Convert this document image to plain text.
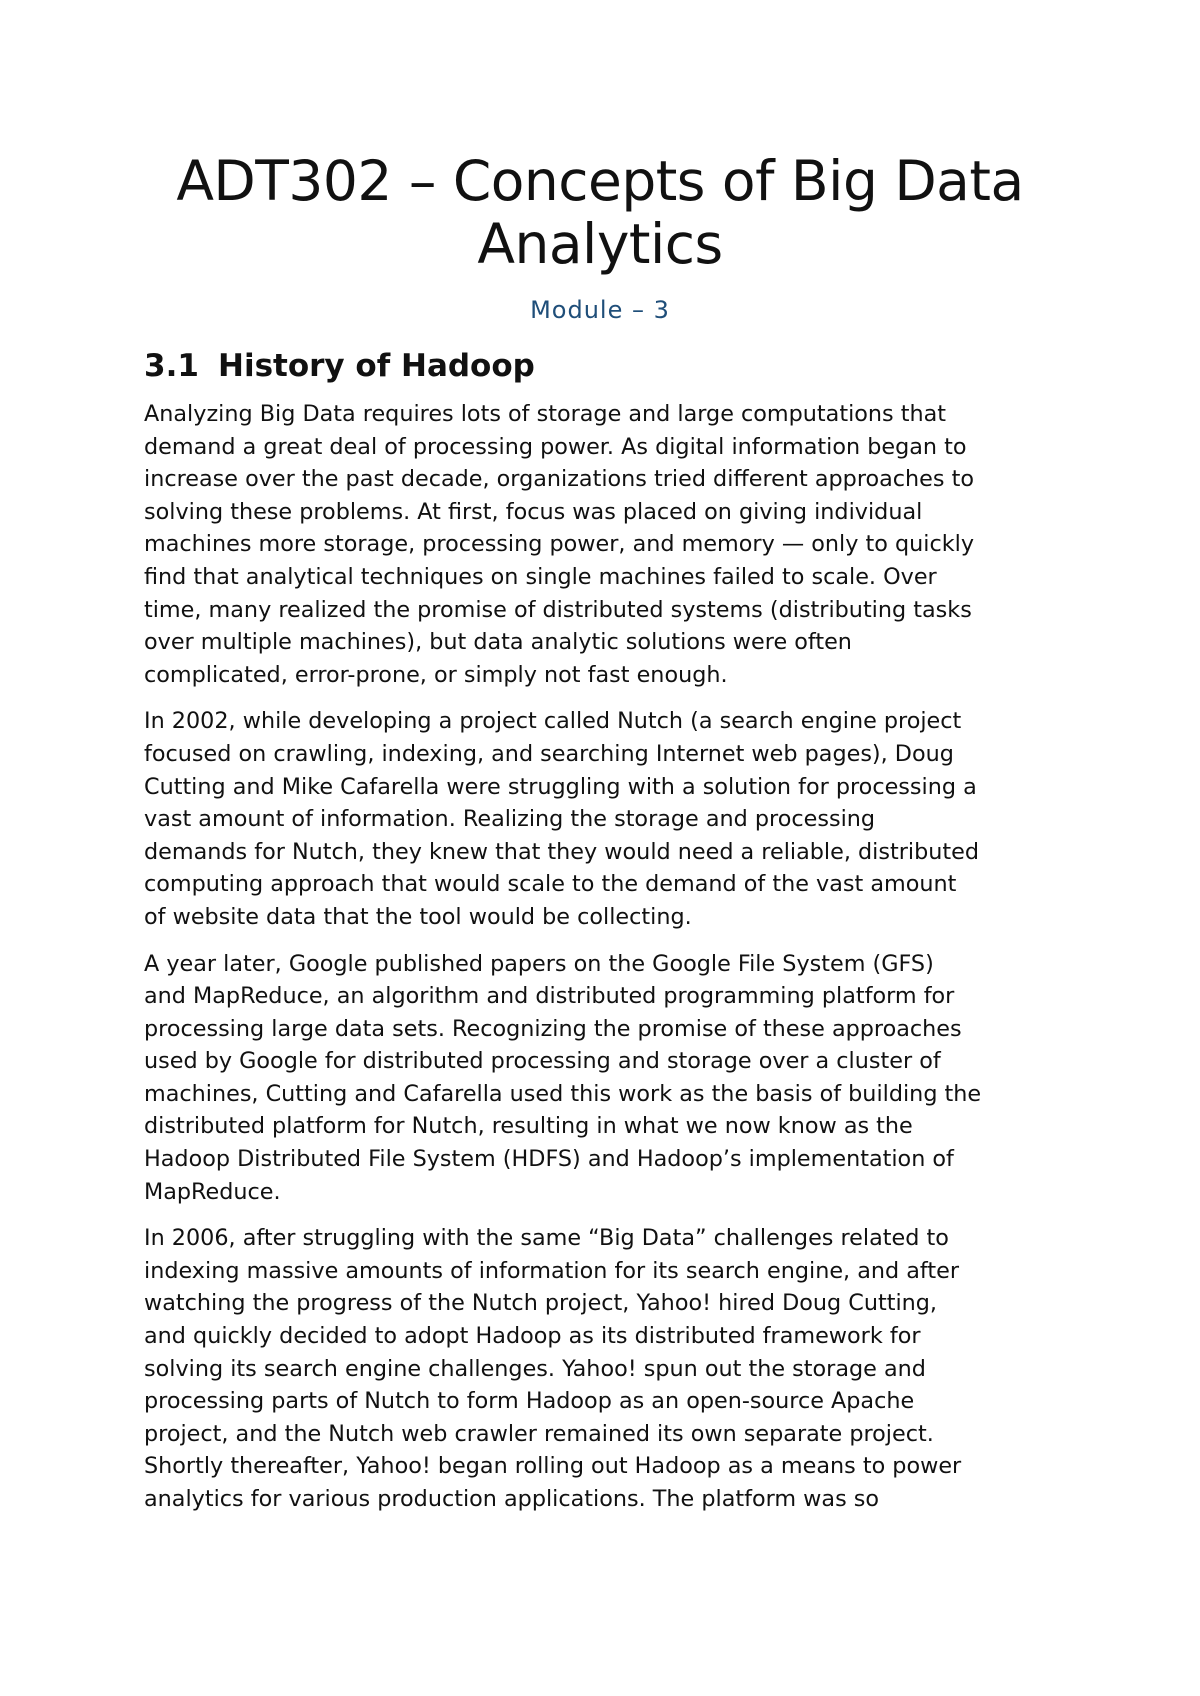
ADT302 – Concepts of Big Data
Analytics
Module – 3
3.1 History of Hadoop

Analyzing Big Data requires lots of storage and large computations that
demand a great deal of processing power. As digital information began to
increase over the past decade, organizations tried different approaches to
solving these problems. At first, focus was placed on giving individual
machines more storage, processing power, and memory — only to quickly
find that analytical techniques on single machines failed to scale. Over
time, many realized the promise of distributed systems (distributing tasks
over multiple machines), but data analytic solutions were often
complicated, error-prone, or simply not fast enough.

In 2002, while developing a project called Nutch (a search engine project
focused on crawling, indexing, and searching Internet web pages), Doug
Cutting and Mike Cafarella were struggling with a solution for processing a
vast amount of information. Realizing the storage and processing
demands for Nutch, they knew that they would need a reliable, distributed
computing approach that would scale to the demand of the vast amount
of website data that the tool would be collecting.

A year later, Google published papers on the Google File System (GFS)
and MapReduce, an algorithm and distributed programming platform for
processing large data sets. Recognizing the promise of these approaches
used by Google for distributed processing and storage over a cluster of
machines, Cutting and Cafarella used this work as the basis of building the
distributed platform for Nutch, resulting in what we now know as the
Hadoop Distributed File System (HDFS) and Hadoop’s implementation of
MapReduce.

In 2006, after struggling with the same “Big Data” challenges related to
indexing massive amounts of information for its search engine, and after
watching the progress of the Nutch project, Yahoo! hired Doug Cutting,
and quickly decided to adopt Hadoop as its distributed framework for
solving its search engine challenges. Yahoo! spun out the storage and
processing parts of Nutch to form Hadoop as an open-source Apache
project, and the Nutch web crawler remained its own separate project.
Shortly thereafter, Yahoo! began rolling out Hadoop as a means to power
analytics for various production applications. The platform was so
